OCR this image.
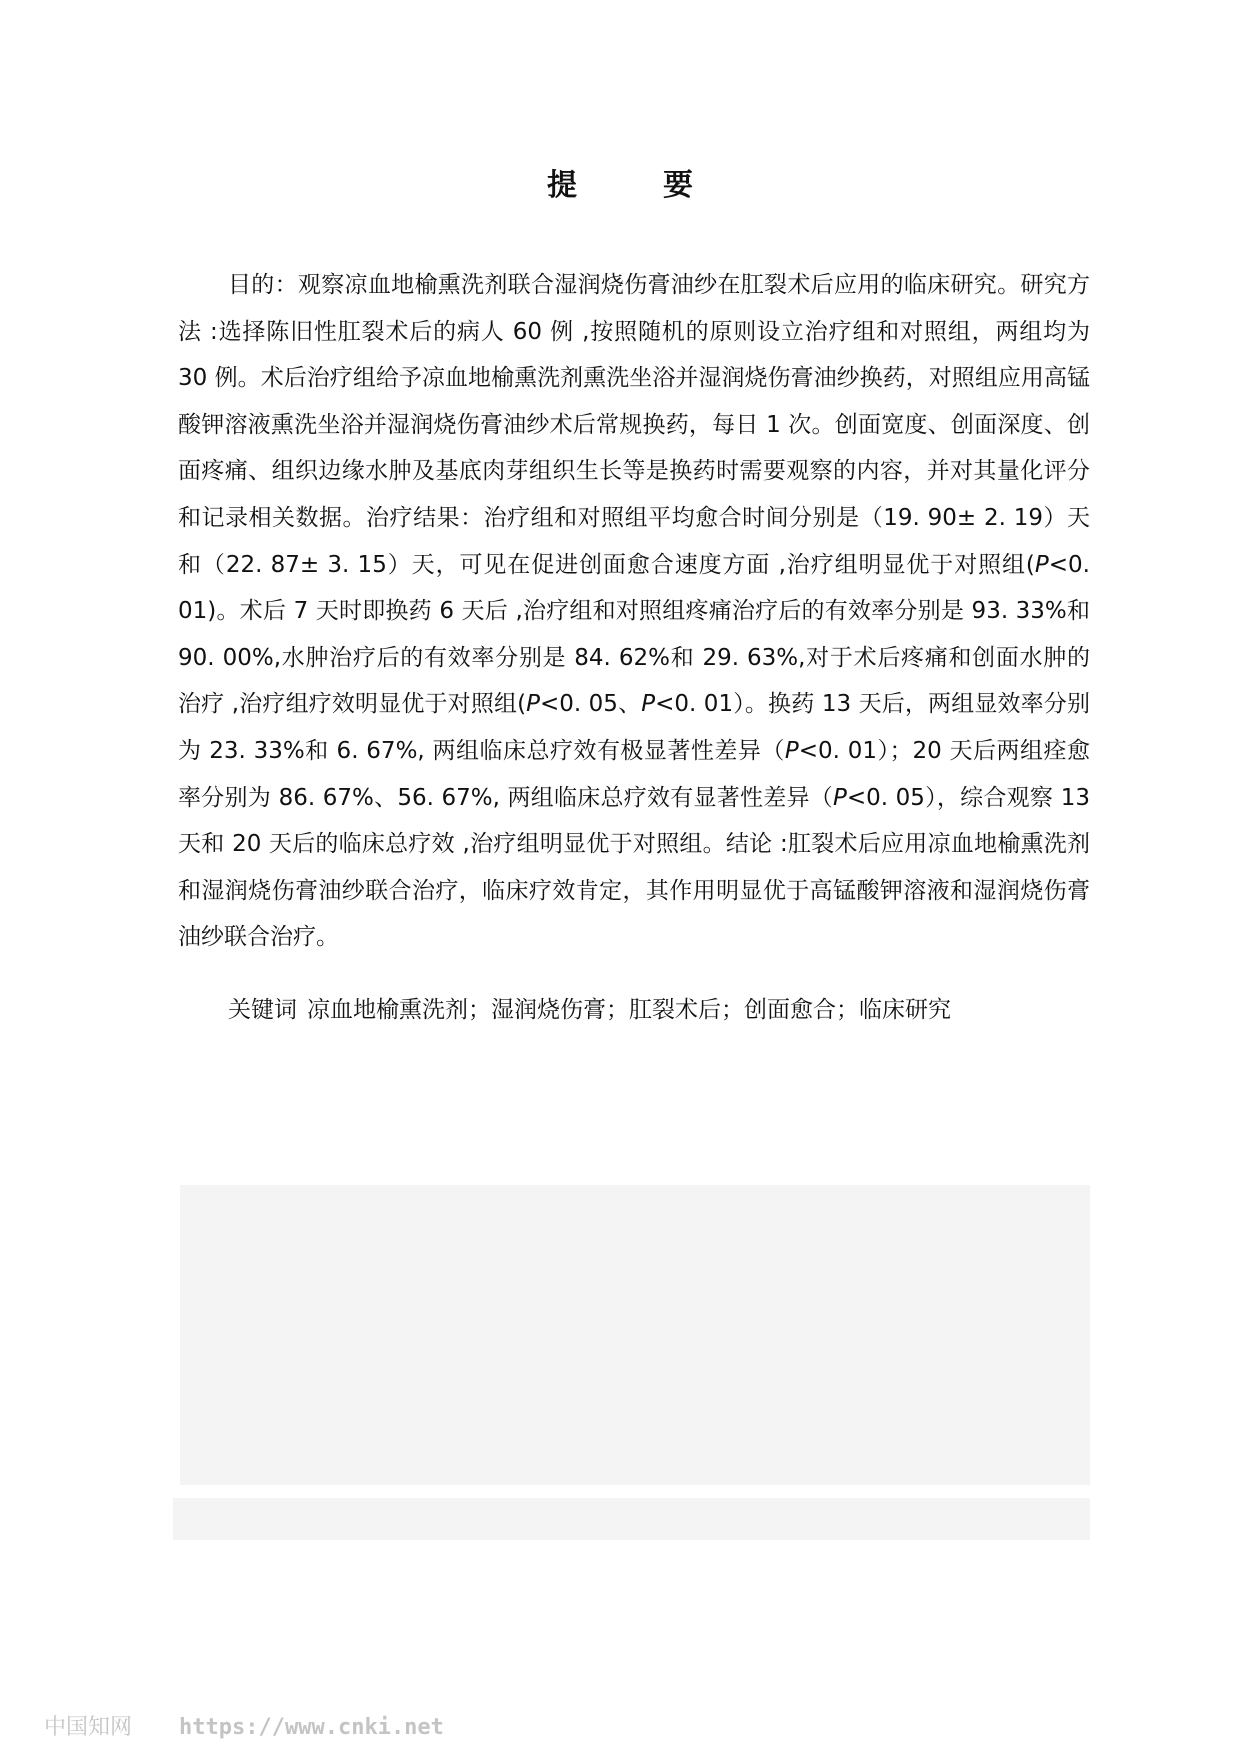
提　要

目的：观察凉血地榆熏洗剂联合湿润烧伤膏油纱在肛裂术后应用的临床研究。研究方法 :选择陈旧性肛裂术后的病人 60 例 ,按照随机的原则设立治疗组和对照组，两组均为 30 例。术后治疗组给予凉血地榆熏洗剂熏洗坐浴并湿润烧伤膏油纱换药，对照组应用高锰酸钾溶液熏洗坐浴并湿润烧伤膏油纱术后常规换药，每日 1 次。创面宽度、创面深度、创面疼痛、组织边缘水肿及基底肉芽组织生长等是换药时需要观察的内容，并对其量化评分和记录相关数据。治疗结果：治疗组和对照组平均愈合时间分别是（19. 90± 2. 19）天和（22. 87± 3. 15）天，可见在促进创面愈合速度方面 ,治疗组明显优于对照组(P<0. 01)。术后 7 天时即换药 6 天后 ,治疗组和对照组疼痛治疗后的有效率分别是 93. 33%和 90. 00%,水肿治疗后的有效率分别是 84. 62%和 29. 63%,对于术后疼痛和创面水肿的治疗 ,治疗组疗效明显优于对照组(P<0. 05、P<0. 01）。换药 13 天后，两组显效率分别为 23. 33%和 6. 67%, 两组临床总疗效有极显著性差异（P<0. 01）；20 天后两组痊愈率分别为 86. 67%、56. 67%, 两组临床总疗效有显著性差异（P<0. 05），综合观察 13 天和 20 天后的临床总疗效 ,治疗组明显优于对照组。结论 :肛裂术后应用凉血地榆熏洗剂和湿润烧伤膏油纱联合治疗，临床疗效肯定，其作用明显优于高锰酸钾溶液和湿润烧伤膏油纱联合治疗。

关键词 凉血地榆熏洗剂；湿润烧伤膏；肛裂术后；创面愈合；临床研究

中国知网 https://www.cnki.net
